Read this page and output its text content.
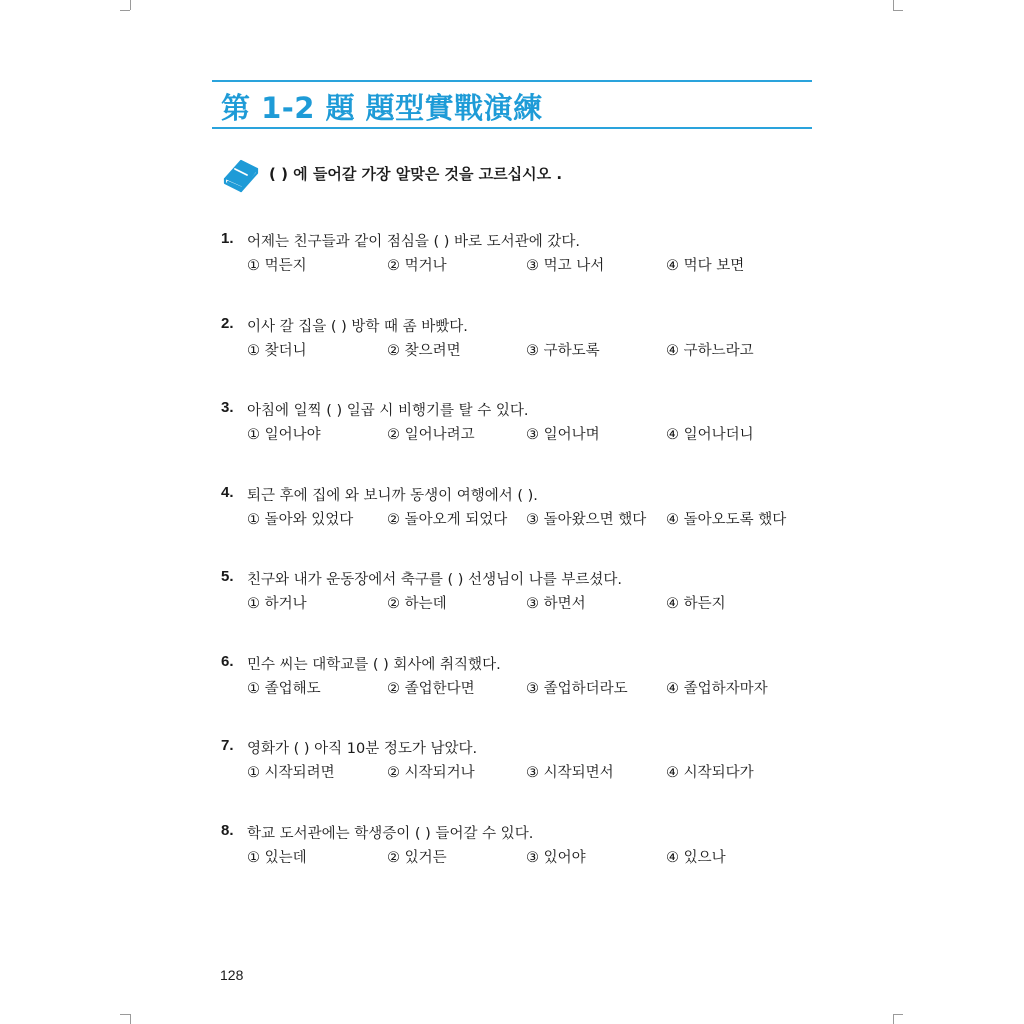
第 1-2 題 題型實戰演練
( ) 에 들어갈 가장 알맞은 것을 고르십시오 .
1. 어제는 친구들과 같이 점심을 ( ) 바로 도서관에 갔다.
① 먹든지	② 먹거나	③ 먹고 나서	④ 먹다 보면
2. 이사 갈 집을 ( ) 방학 때 좀 바빴다.
① 찾더니	② 찾으려면	③ 구하도록	④ 구하느라고
3. 아침에 일찍 ( ) 일곱 시 비행기를 탈 수 있다.
① 일어나야	② 일어나려고	③ 일어나며	④ 일어나더니
4. 퇴근 후에 집에 와 보니까 동생이 여행에서 ( ).
① 돌아와 있었다 ② 돌아오게 되었다 ③ 돌아왔으면 했다 ④ 돌아오도록 했다
5. 친구와 내가 운동장에서 축구를 ( ) 선생님이 나를 부르셨다.
① 하거나	② 하는데	③ 하면서	④ 하든지
6. 민수 씨는 대학교를 ( ) 회사에 취직했다.
① 졸업해도	② 졸업한다면	③ 졸업하더라도	④ 졸업하자마자
7. 영화가 ( ) 아직 10분 정도가 남았다.
① 시작되려면	② 시작되거나	③ 시작되면서	④ 시작되다가
8. 학교 도서관에는 학생증이 ( ) 들어갈 수 있다.
① 있는데	② 있거든	③ 있어야	④ 있으나
128
